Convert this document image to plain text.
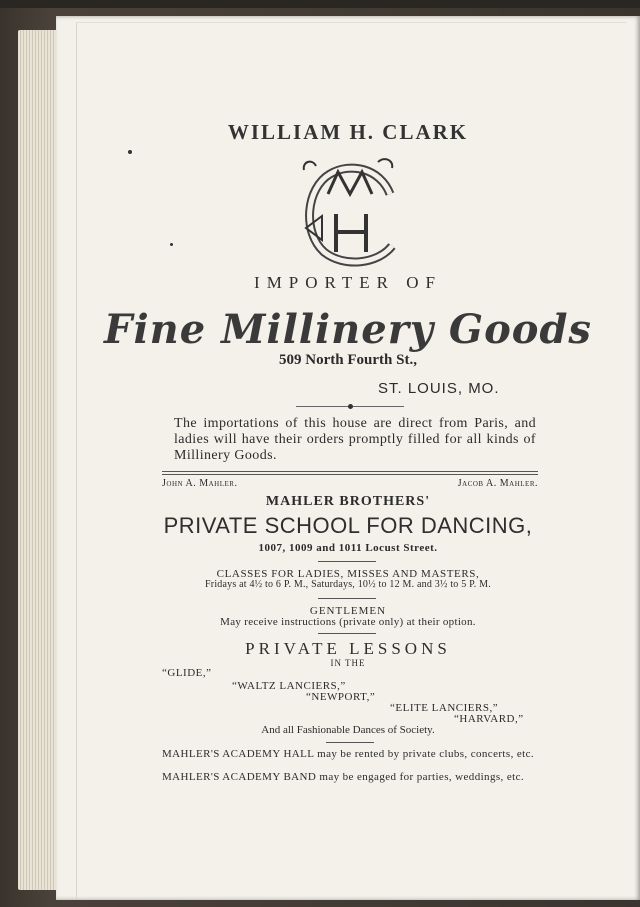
WILLIAM H. CLARK
IMPORTER OF
Fine Millinery Goods
509 North Fourth St.,
ST. LOUIS, MO.
The importations of this house are direct from Paris, and ladies will have their orders promptly filled for all kinds of Millinery Goods.
John A. Mahler.	Jacob A. Mahler.
MAHLER BROTHERS'
PRIVATE SCHOOL FOR DANCING,
1007, 1009 and 1011 Locust Street.
CLASSES FOR LADIES, MISSES AND MASTERS,
Fridays at 4½ to 6 P. M., Saturdays, 10½ to 12 M. and 3½ to 5 P. M.
GENTLEMEN
May receive instructions (private only) at their option.
PRIVATE LESSONS
IN THE
“GLIDE,”
“WALTZ LANCIERS,”
“NEWPORT,”
“ELITE LANCIERS,”
“HARVARD,”
And all Fashionable Dances of Society.
MAHLER'S ACADEMY HALL may be rented by private clubs, concerts, etc.
MAHLER'S ACADEMY BAND may be engaged for parties, weddings, etc.
